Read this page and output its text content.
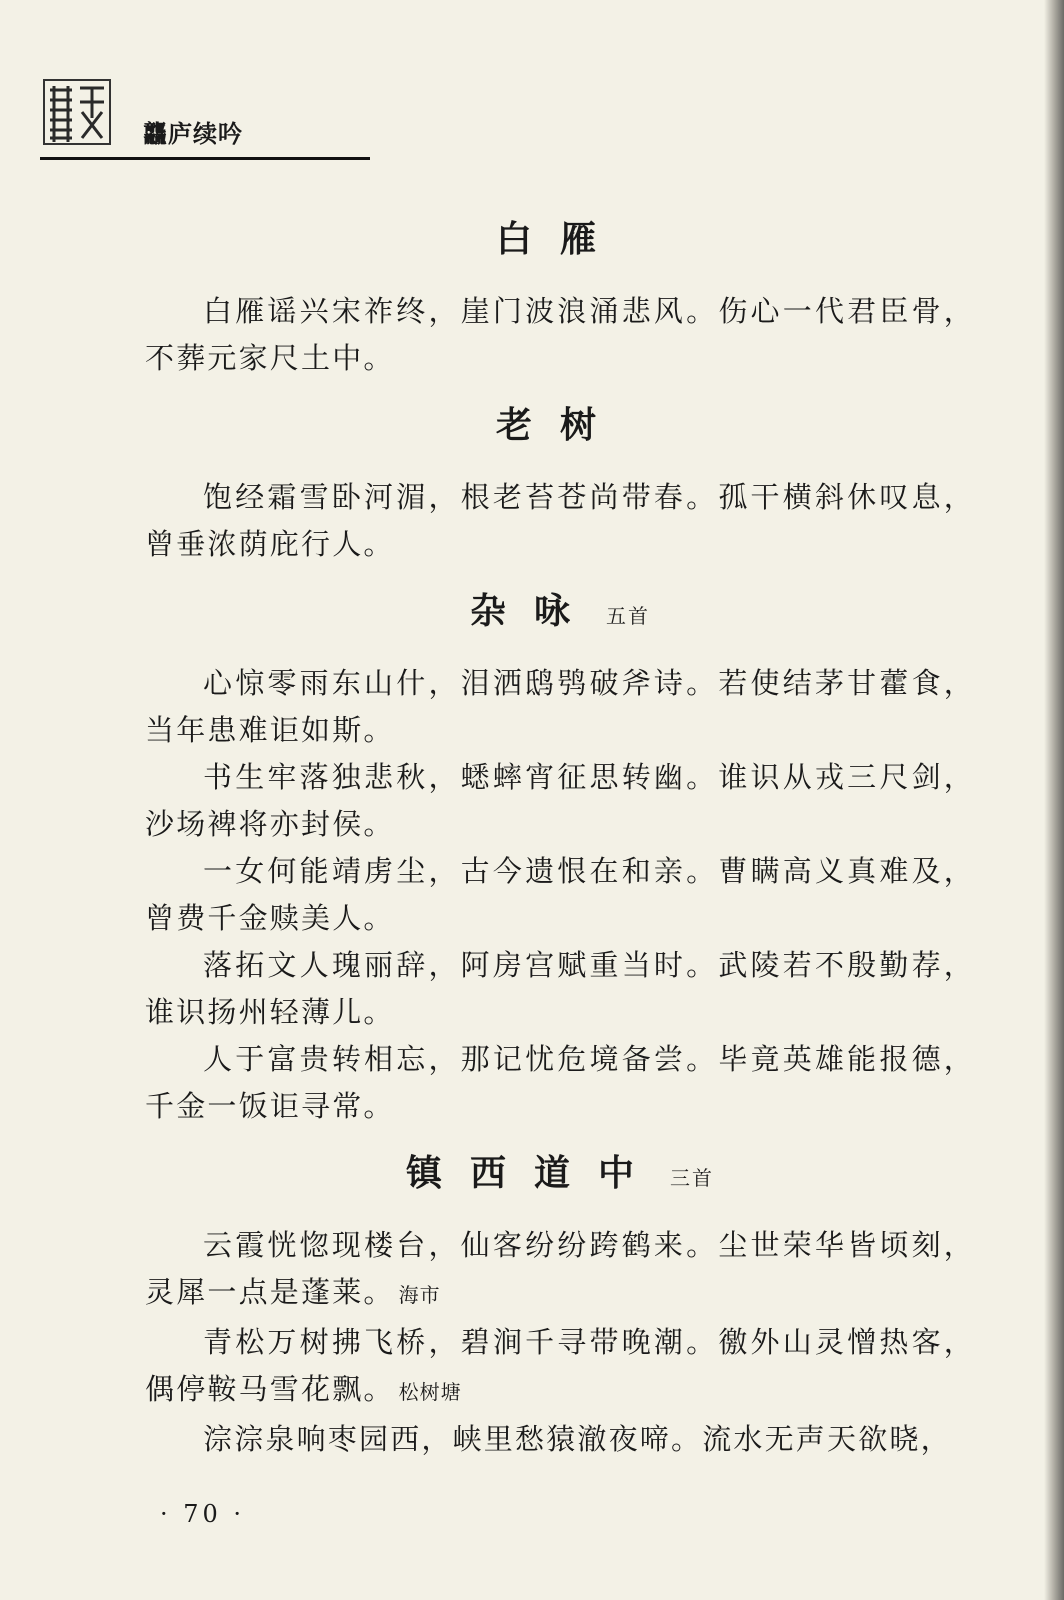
龘庐续吟
白雁

白雁谣兴宋祚终，崖门波浪涌悲风。伤心一代君臣骨，不葬元家尺土中。

老树

饱经霜雪卧河湄，根老苔苍尚带春。孤干横斜休叹息，曾垂浓荫庇行人。

杂咏 五首

心惊零雨东山什，泪洒鸱鸮破斧诗。若使结茅甘藿食，当年患难讵如斯。

书生牢落独悲秋，蟋蟀宵征思转幽。谁识从戎三尺剑，沙场裨将亦封侯。

一女何能靖虏尘，古今遗恨在和亲。曹瞒高义真难及，曾费千金赎美人。

落拓文人瑰丽辞，阿房宫赋重当时。武陵若不殷勤荐，谁识扬州轻薄儿。

人于富贵转相忘，那记忧危境备尝。毕竟英雄能报德，千金一饭讵寻常。

镇西道中 三首

云霞恍惚现楼台，仙客纷纷跨鹤来。尘世荣华皆顷刻，灵犀一点是蓬莱。 海市

青松万树拂飞桥，碧涧千寻带晚潮。徼外山灵憎热客，偶停鞍马雪花飘。 松树塘

淙淙泉响枣园西，峡里愁猿澈夜啼。流水无声天欲晓，

· 70 ·
